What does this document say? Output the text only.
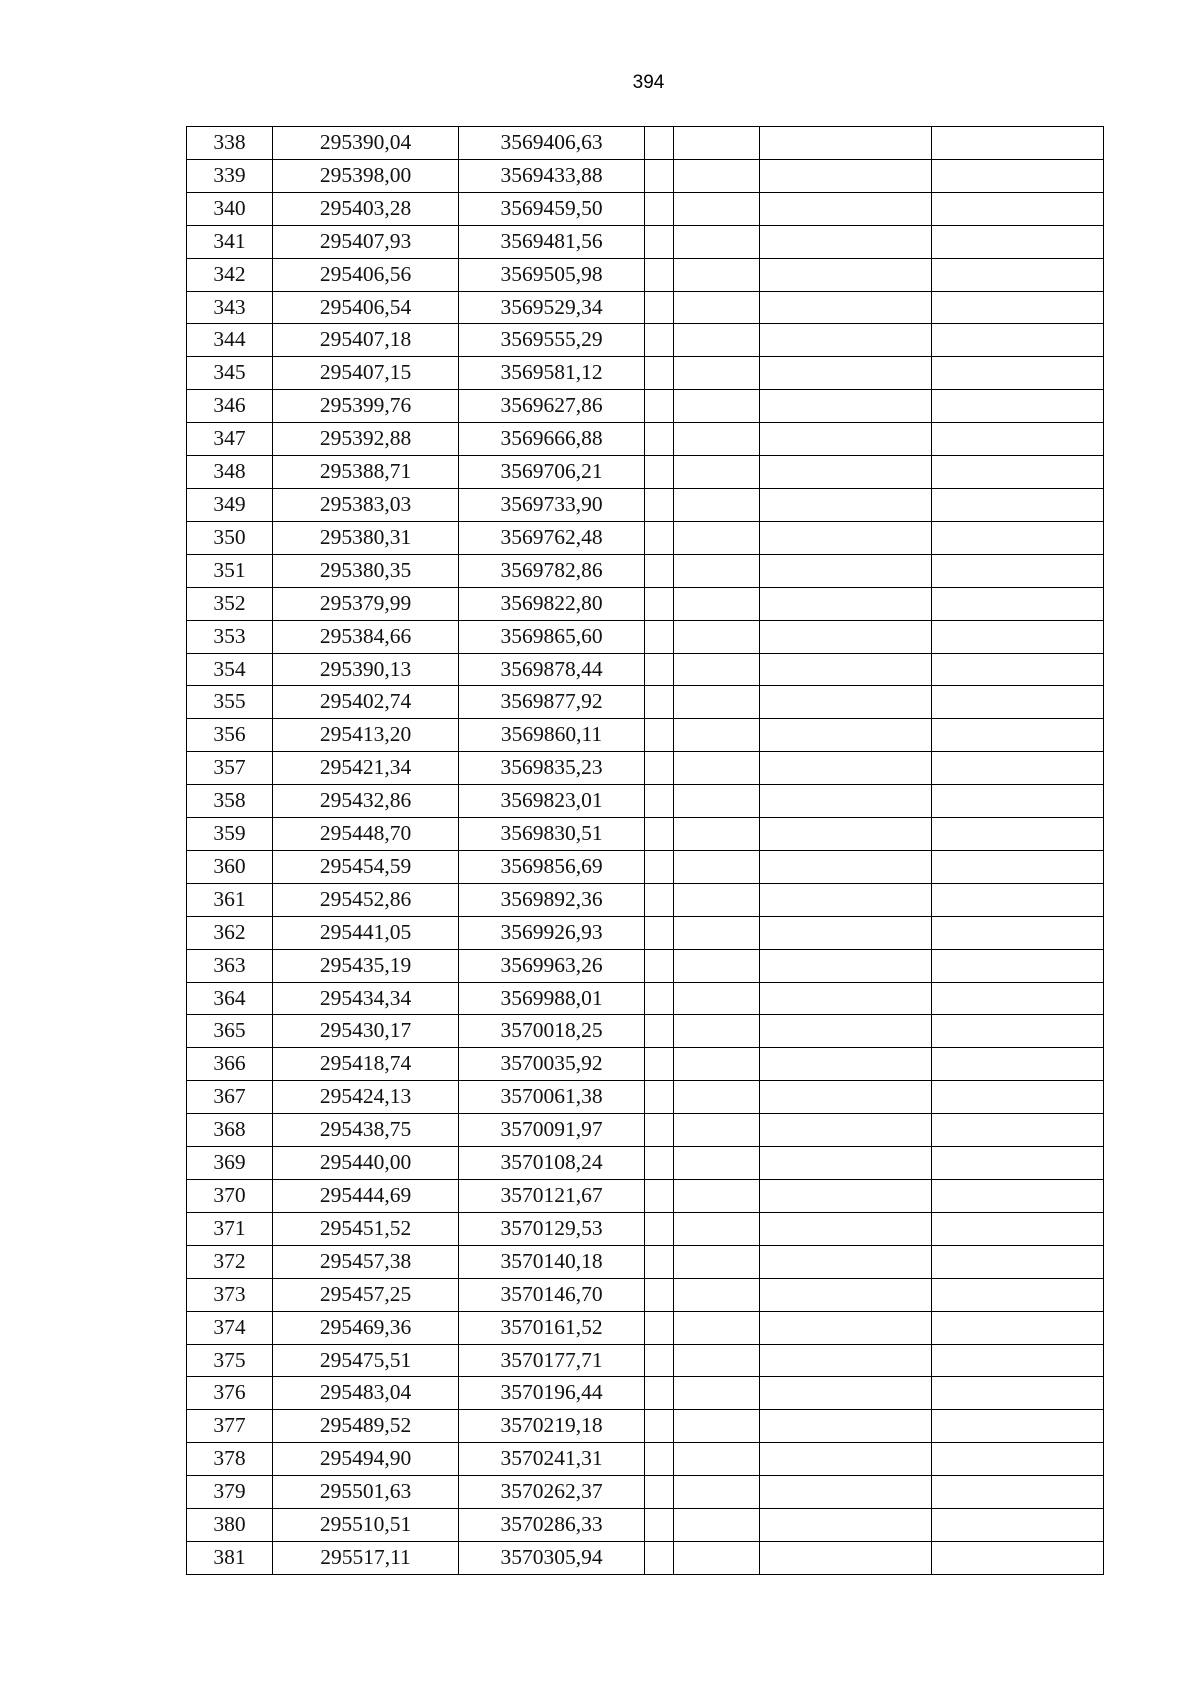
394
338	295390,04	3569406,63				
339	295398,00	3569433,88				
340	295403,28	3569459,50				
341	295407,93	3569481,56				
342	295406,56	3569505,98				
343	295406,54	3569529,34				
344	295407,18	3569555,29				
345	295407,15	3569581,12				
346	295399,76	3569627,86				
347	295392,88	3569666,88				
348	295388,71	3569706,21				
349	295383,03	3569733,90				
350	295380,31	3569762,48				
351	295380,35	3569782,86				
352	295379,99	3569822,80				
353	295384,66	3569865,60				
354	295390,13	3569878,44				
355	295402,74	3569877,92				
356	295413,20	3569860,11				
357	295421,34	3569835,23				
358	295432,86	3569823,01				
359	295448,70	3569830,51				
360	295454,59	3569856,69				
361	295452,86	3569892,36				
362	295441,05	3569926,93				
363	295435,19	3569963,26				
364	295434,34	3569988,01				
365	295430,17	3570018,25				
366	295418,74	3570035,92				
367	295424,13	3570061,38				
368	295438,75	3570091,97				
369	295440,00	3570108,24				
370	295444,69	3570121,67				
371	295451,52	3570129,53				
372	295457,38	3570140,18				
373	295457,25	3570146,70				
374	295469,36	3570161,52				
375	295475,51	3570177,71				
376	295483,04	3570196,44				
377	295489,52	3570219,18				
378	295494,90	3570241,31				
379	295501,63	3570262,37				
380	295510,51	3570286,33				
381	295517,11	3570305,94				
